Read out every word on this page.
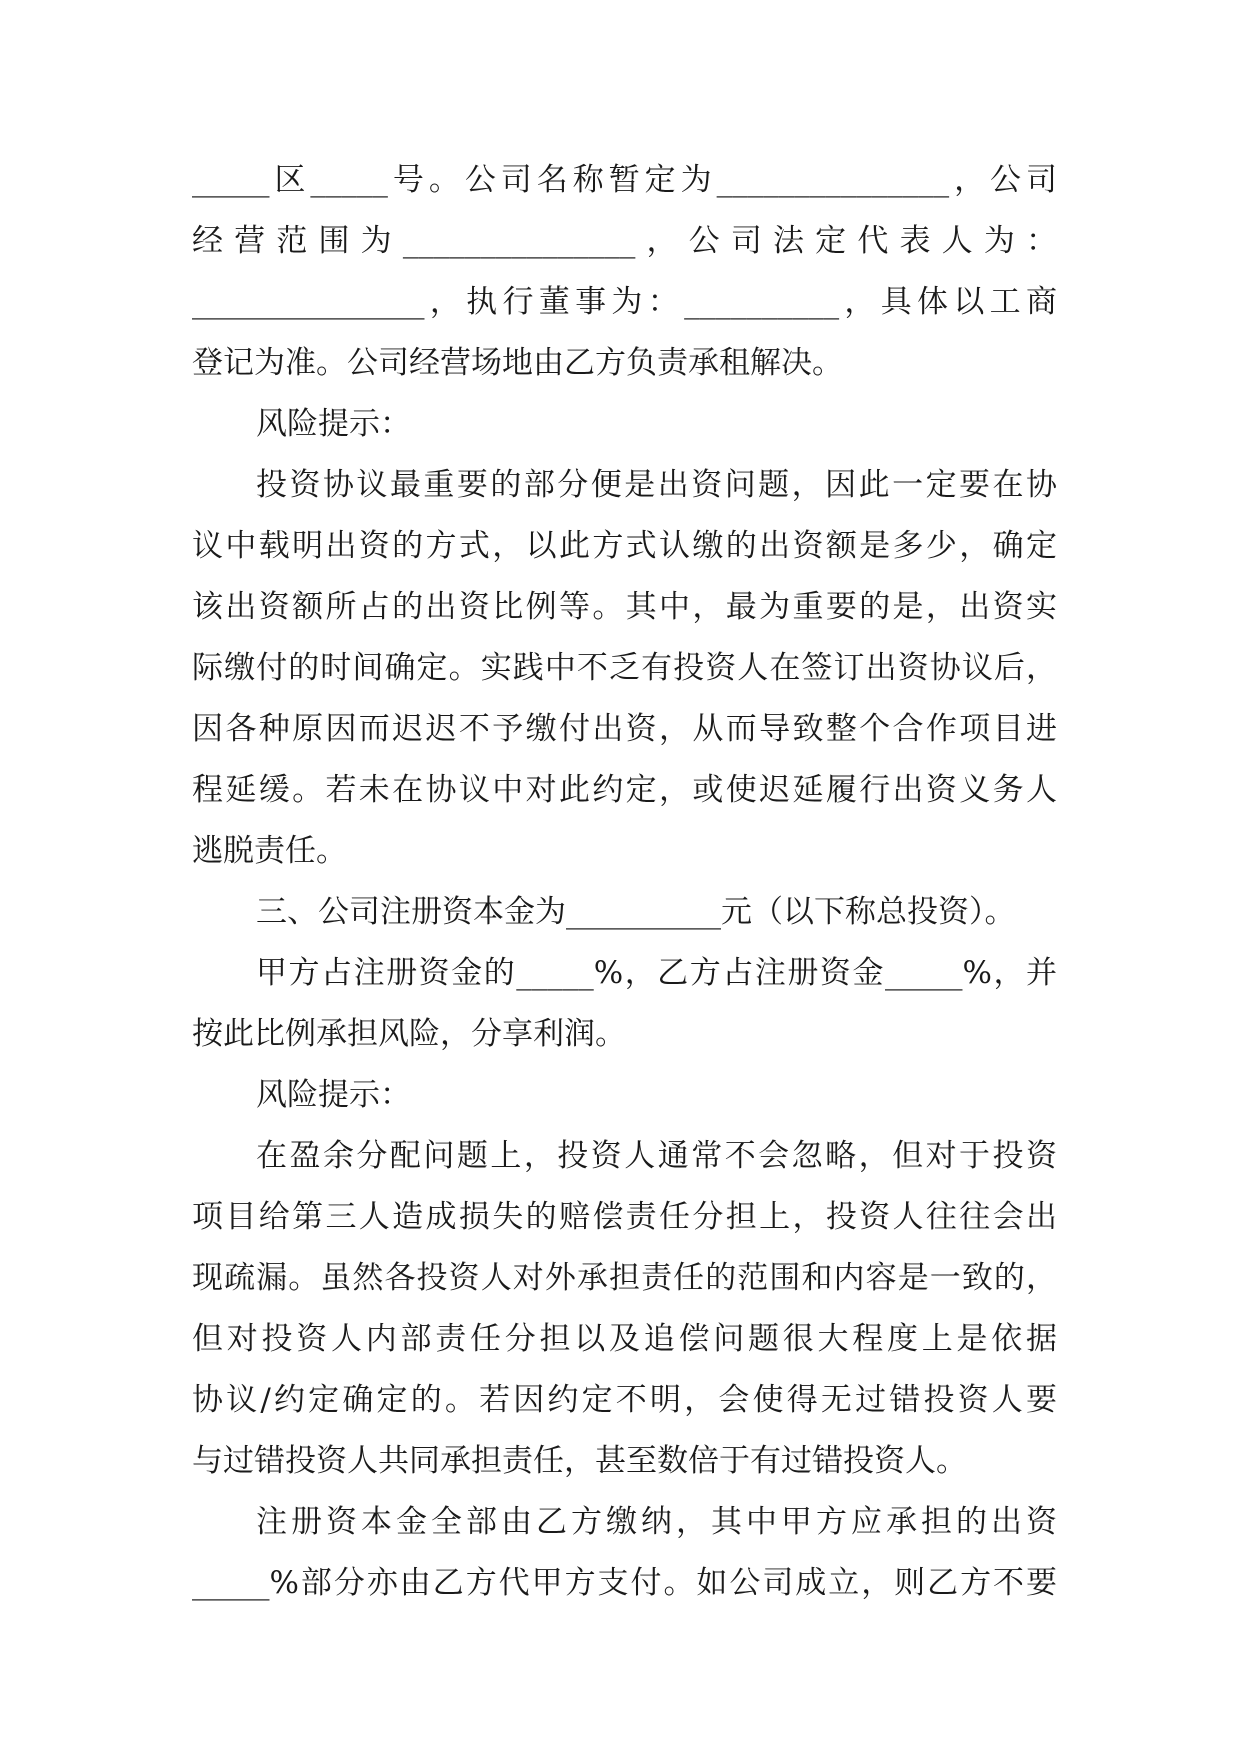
_____区_____号。公司名称暂定为_______________，公司
经营范围为_______________，公司法定代表人为：
_______________，执行董事为：__________，具体以工商
登记为准。公司经营场地由乙方负责承租解决。
风险提示：
投资协议最重要的部分便是出资问题，因此一定要在协
议中载明出资的方式，以此方式认缴的出资额是多少，确定
该出资额所占的出资比例等。其中，最为重要的是，出资实
际缴付的时间确定。实践中不乏有投资人在签订出资协议后，
因各种原因而迟迟不予缴付出资，从而导致整个合作项目进
程延缓。若未在协议中对此约定，或使迟延履行出资义务人
逃脱责任。
三、公司注册资本金为__________元（以下称总投资）。
甲方占注册资金的_____%，乙方占注册资金_____%，并
按此比例承担风险，分享利润。
风险提示：
在盈余分配问题上，投资人通常不会忽略，但对于投资
项目给第三人造成损失的赔偿责任分担上，投资人往往会出
现疏漏。虽然各投资人对外承担责任的范围和内容是一致的，
但对投资人内部责任分担以及追偿问题很大程度上是依据
协议/约定确定的。若因约定不明，会使得无过错投资人要
与过错投资人共同承担责任，甚至数倍于有过错投资人。
注册资本金全部由乙方缴纳，其中甲方应承担的出资
_____%部分亦由乙方代甲方支付。如公司成立，则乙方不要
